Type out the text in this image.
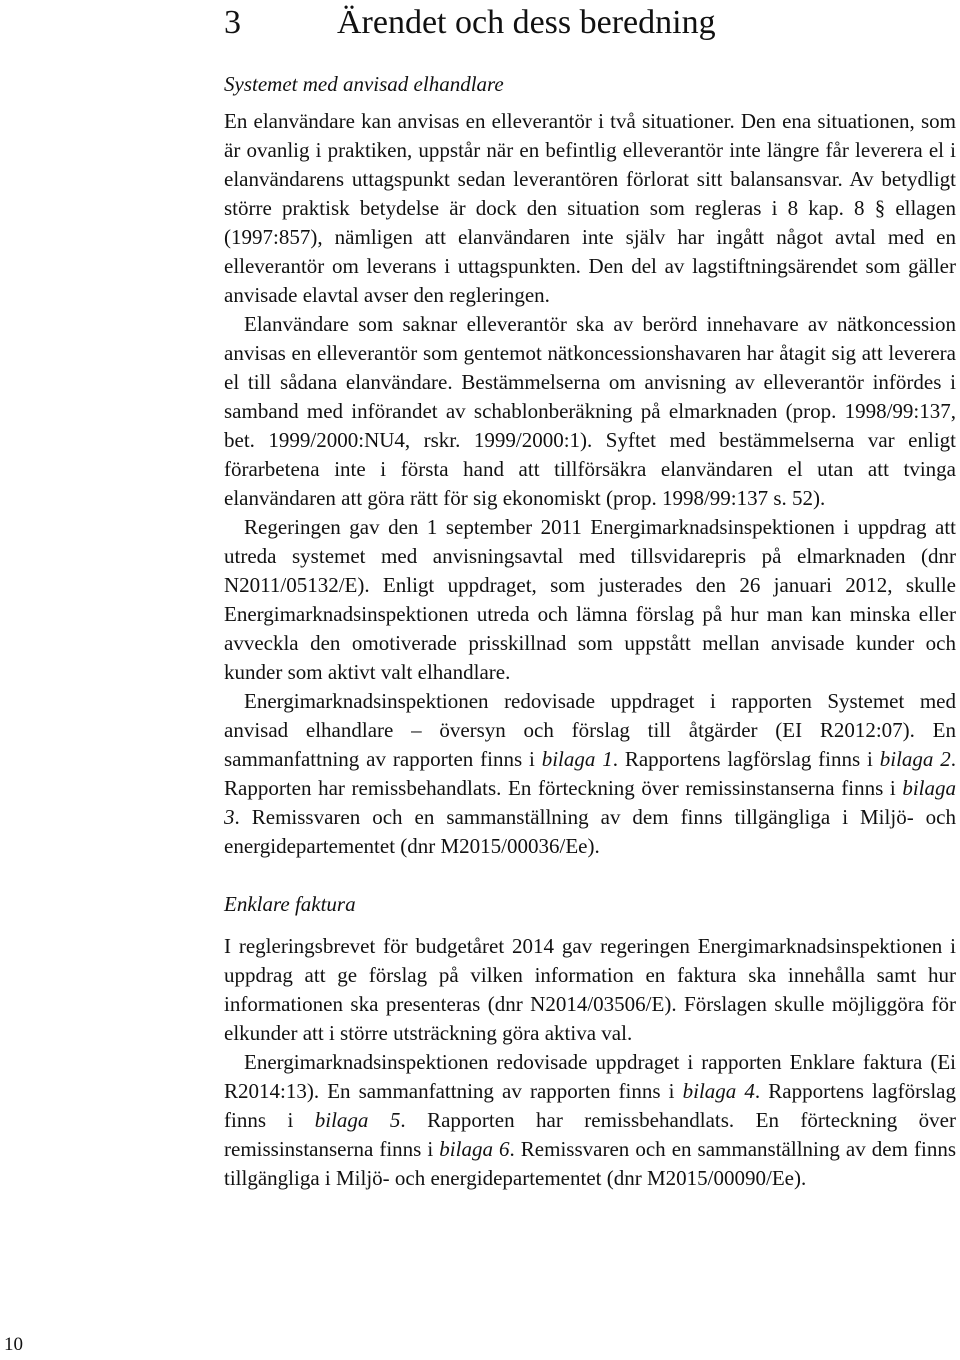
10
3	Ärendet och dess beredning
Systemet med anvisad elhandlare

En elanvändare kan anvisas en elleverantör i två situationer. Den ena situationen, som är ovanlig i praktiken, uppstår när en befintlig elleverantör inte längre får leverera el i elanvändarens uttagspunkt sedan leverantören förlorat sitt balansansvar. Av betydligt större praktisk betydelse är dock den situation som regleras i 8 kap. 8 § ellagen (1997:857), nämligen att elanvändaren inte själv har ingått något avtal med en elleverantör om leverans i uttagspunkten. Den del av lagstiftningsärendet som gäller anvisade elavtal avser den regleringen.

Elanvändare som saknar elleverantör ska av berörd innehavare av nätkoncession anvisas en elleverantör som gentemot nätkoncessionshavaren har åtagit sig att leverera el till sådana elanvändare. Bestämmelserna om anvisning av elleverantör infördes i samband med införandet av schablonberäkning på elmarknaden (prop. 1998/99:137, bet. 1999/2000:NU4, rskr. 1999/2000:1). Syftet med bestämmelserna var enligt förarbetena inte i första hand att tillförsäkra elanvändaren el utan att tvinga elanvändaren att göra rätt för sig ekonomiskt (prop. 1998/99:137 s. 52).

Regeringen gav den 1 september 2011 Energimarknadsinspektionen i uppdrag att utreda systemet med anvisningsavtal med tillsvidarepris på elmarknaden (dnr N2011/05132/E). Enligt uppdraget, som justerades den 26 januari 2012, skulle Energimarknadsinspektionen utreda och lämna förslag på hur man kan minska eller avveckla den omotiverade prisskillnad som uppstått mellan anvisade kunder och kunder som aktivt valt elhandlare.

Energimarknadsinspektionen redovisade uppdraget i rapporten Systemet med anvisad elhandlare – översyn och förslag till åtgärder (EI R2012:07). En sammanfattning av rapporten finns i bilaga 1. Rapportens lagförslag finns i bilaga 2. Rapporten har remissbehandlats. En förteckning över remissinstanserna finns i bilaga 3. Remissvaren och en sammanställning av dem finns tillgängliga i Miljö- och energidepartementet (dnr M2015/00036/Ee).

Enklare faktura

I regleringsbrevet för budgetåret 2014 gav regeringen Energimarknadsinspektionen i uppdrag att ge förslag på vilken information en faktura ska innehålla samt hur informationen ska presenteras (dnr N2014/03506/E). Förslagen skulle möjliggöra för elkunder att i större utsträckning göra aktiva val.

Energimarknadsinspektionen redovisade uppdraget i rapporten Enklare faktura (Ei R2014:13). En sammanfattning av rapporten finns i bilaga 4. Rapportens lagförslag finns i bilaga 5. Rapporten har remissbehandlats. En förteckning över remissinstanserna finns i bilaga 6. Remissvaren och en sammanställning av dem finns tillgängliga i Miljö- och energidepartementet (dnr M2015/00090/Ee).
